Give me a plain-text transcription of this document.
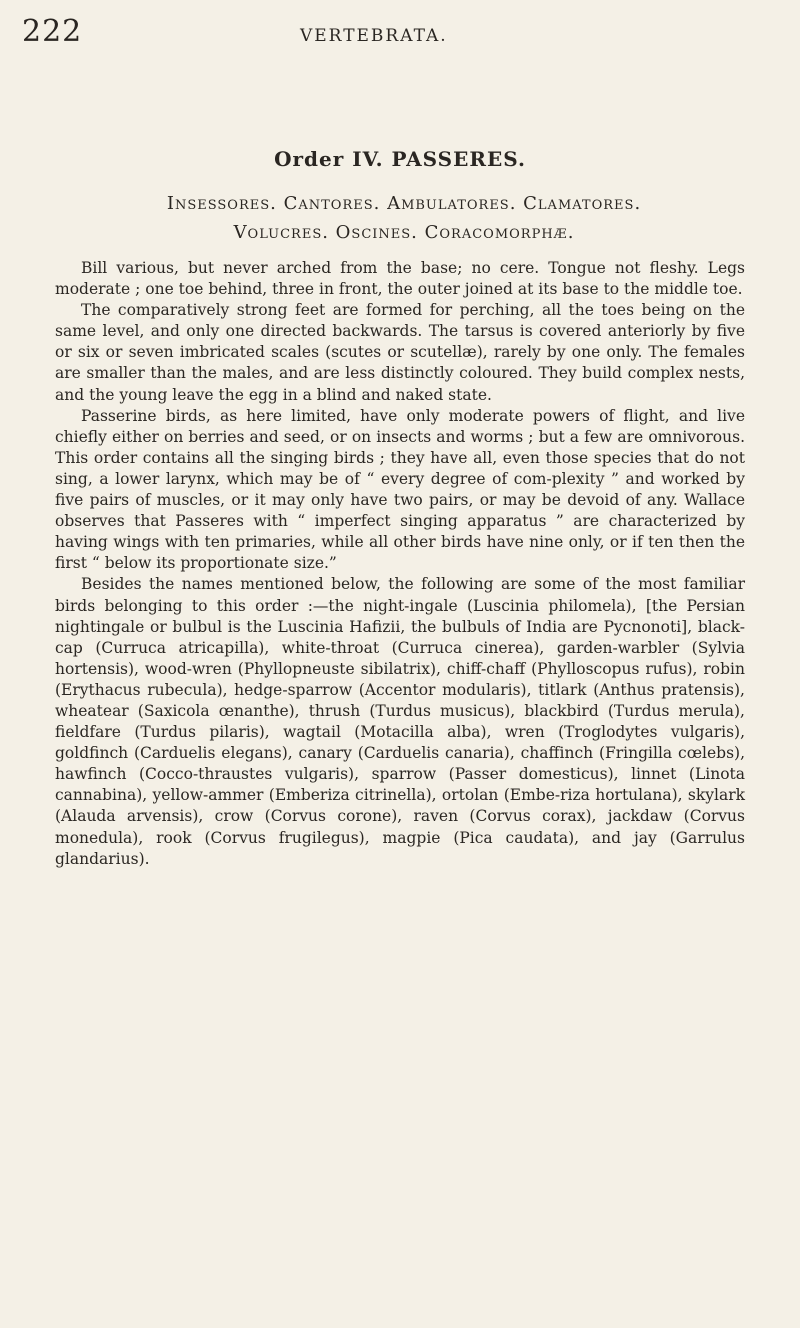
222	VERTEBRATA.

Order IV. PASSERES.
Insessores. Cantores. Ambulatores. Clamatores.
Volucres. Oscines. Coracomorphæ.

Bill various, but never arched from the base; no cere. Tongue not fleshy. Legs moderate ; one toe behind, three in front, the outer joined at its base to the middle toe.

The comparatively strong feet are formed for perching, all the toes being on the same level, and only one directed backwards. The tarsus is covered anteriorly by five or six or seven imbricated scales (scutes or scutellæ), rarely by one only. The females are smaller than the males, and are less distinctly coloured. They build complex nests, and the young leave the egg in a blind and naked state.

Passerine birds, as here limited, have only moderate powers of flight, and live chiefly either on berries and seed, or on insects and worms ; but a few are omnivorous. This order contains all the singing birds ; they have all, even those species that do not sing, a lower larynx, which may be of “ every degree of com-plexity ” and worked by five pairs of muscles, or it may only have two pairs, or may be devoid of any. Wallace observes that Passeres with “ imperfect singing apparatus ” are characterized by having wings with ten primaries, while all other birds have nine only, or if ten then the first “ below its proportionate size.”

Besides the names mentioned below, the following are some of the most familiar birds belonging to this order :—the night-ingale (Luscinia philomela), [the Persian nightingale or bulbul is the Luscinia Hafizii, the bulbuls of India are Pycnonoti], black-cap (Curruca atricapilla), white-throat (Curruca cinerea), garden-warbler (Sylvia hortensis), wood-wren (Phyllopneuste sibilatrix), chiff-chaff (Phylloscopus rufus), robin (Erythacus rubecula), hedge-sparrow (Accentor modularis), titlark (Anthus pratensis), wheatear (Saxicola œnanthe), thrush (Turdus musicus), blackbird (Turdus merula), fieldfare (Turdus pilaris), wagtail (Motacilla alba), wren (Troglodytes vulgaris), goldfinch (Carduelis elegans), canary (Carduelis canaria), chaffinch (Fringilla cœlebs), hawfinch (Cocco-thraustes vulgaris), sparrow (Passer domesticus), linnet (Linota cannabina), yellow-ammer (Emberiza citrinella), ortolan (Embe-riza hortulana), skylark (Alauda arvensis), crow (Corvus corone), raven (Corvus corax), jackdaw (Corvus monedula), rook (Corvus frugilegus), magpie (Pica caudata), and jay (Garrulus glandarius).
